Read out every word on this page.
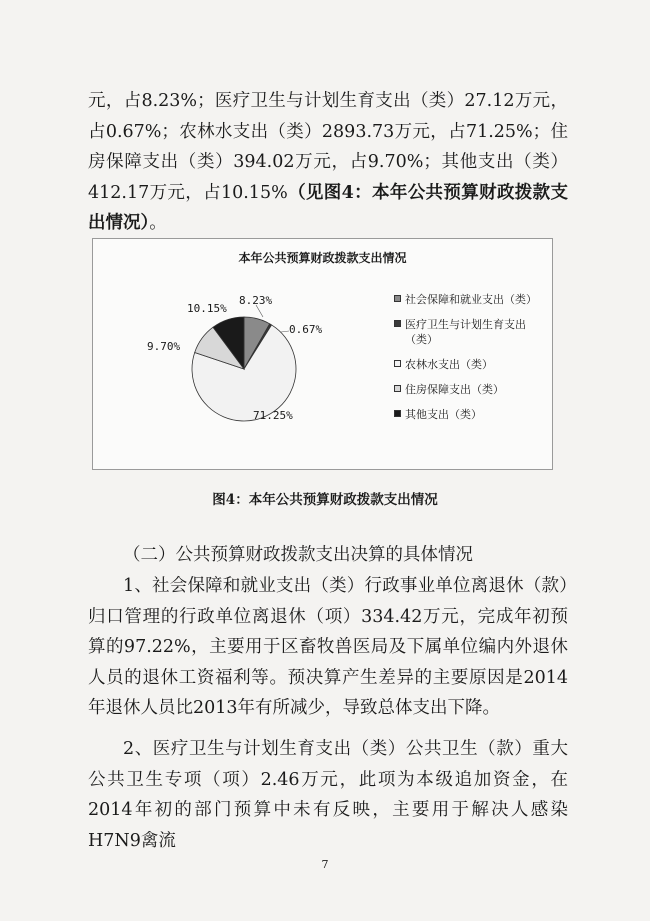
元，占8.23%；医疗卫生与计划生育支出（类）27.12万元，占0.67%；农林水支出（类）2893.73万元，占71.25%；住房保障支出（类）394.02万元，占9.70%；其他支出（类）412.17万元，占10.15%（见图4：本年公共预算财政拨款支出情况）。

本年公共预算财政拨款支出情况
社会保障和就业支出（类）
医疗卫生与计划生育支出（类）
农林水支出（类）
住房保障支出（类）
其他支出（类）
8.23%
0.67%
71.25%
9.70%
10.15%
图4：本年公共预算财政拨款支出情况

（二）公共预算财政拨款支出决算的具体情况

1、社会保障和就业支出（类）行政事业单位离退休（款）归口管理的行政单位离退休（项）334.42万元，完成年初预算的97.22%，主要用于区畜牧兽医局及下属单位编内外退休人员的退休工资福利等。预决算产生差异的主要原因是2014年退休人员比2013年有所减少，导致总体支出下降。

2、医疗卫生与计划生育支出（类）公共卫生（款）重大公共卫生专项（项）2.46万元，此项为本级追加资金，在2014年初的部门预算中未有反映，主要用于解决人感染 H7N9禽流

7
